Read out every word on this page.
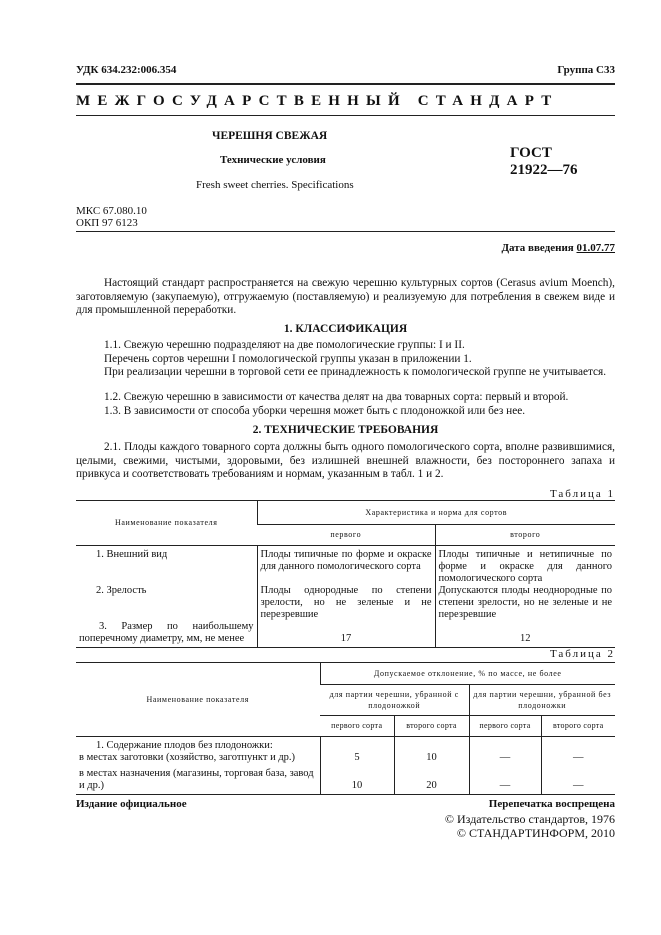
УДК 634.232:006.354	Группа С33
МЕЖГОСУДАРСТВЕННЫЙ СТАНДАРТ
ЧЕРЕШНЯ СВЕЖАЯ
Технические условия
Fresh sweet cherries. Specifications
ГОСТ
21922—76
МКС 67.080.10
ОКП 97 6123
Дата введения 01.07.77
Настоящий стандарт распространяется на свежую черешню культурных сортов (Cerasus avium Moench), заготовляемую (закупаемую), отгружаемую (поставляемую) и реализуемую для потребления в свежем виде и для промышленной переработки.
1. КЛАССИФИКАЦИЯ
1.1. Свежую черешню подразделяют на две помологические группы: I и II.
Перечень сортов черешни I помологической группы указан в приложении 1.
При реализации черешни в торговой сети ее принадлежность к помологической группе не учитывается.
1.2. Свежую черешню в зависимости от качества делят на два товарных сорта: первый и второй.
1.3. В зависимости от способа уборки черешня может быть с плодоножкой или без нее.
2. ТЕХНИЧЕСКИЕ ТРЕБОВАНИЯ
2.1. Плоды каждого товарного сорта должны быть одного помологического сорта, вполне развившимися, целыми, свежими, чистыми, здоровыми, без излишней внешней влажности, без постороннего запаха и привкуса и соответствовать требованиям и нормам, указанным в табл. 1 и 2.
Таблица 1
Наименование показателя	Характеристика и норма для сортов	
	первого	второго
1. Внешний вид	Плоды типичные по форме и окраске для данного помологического сорта	Плоды типичные и нетипичные по форме и окраске для данного помологического сорта
2. Зрелость	Плоды однородные по степени зрелости, но не зеленые и не перезревшие	Допускаются плоды неоднородные по степени зрелости, но не зеленые и не перезревшие
3. Размер по наибольшему поперечному диаметру, мм, не менее	17	12
Таблица 2
Наименование показателя	Допускаемое отклонение, % по массе, не более			
	для партии черешни, убранной с плодоножкой		для партии черешни, убранной без плодоножки	
	первого сорта	второго сорта	первого сорта	второго сорта
1. Содержание плодов без плодоножки:				
в местах заготовки (хозяйство, заготпункт и др.)	5	10	—	—
в местах назначения (магазины, торговая база, завод и др.)	10	20	—	—
Издание официальное	Перепечатка воспрещена
© Издательство стандартов, 1976
© СТАНДАРТИНФОРМ, 2010
